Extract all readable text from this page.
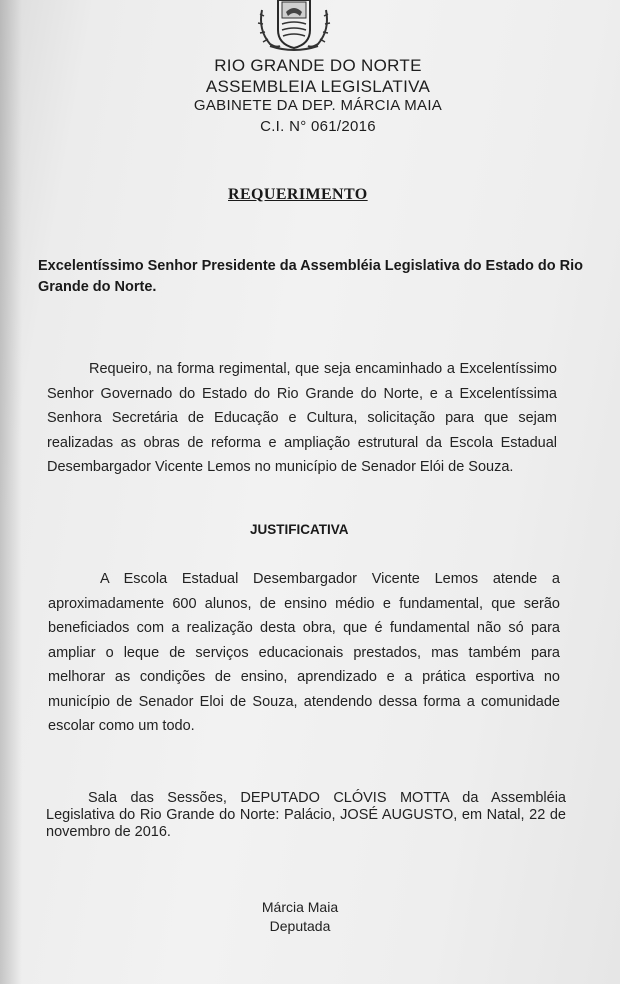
RIO GRANDE DO NORTE
ASSEMBLEIA LEGISLATIVA
GABINETE DA DEP. MÁRCIA MAIA
C.I. N° 061/2016
REQUERIMENTO
Excelentíssimo Senhor Presidente da Assembléia Legislativa do Estado do Rio Grande do Norte.
Requeiro, na forma regimental, que seja encaminhado a Excelentíssimo Senhor Governado do Estado do Rio Grande do Norte, e a Excelentíssima Senhora Secretária de Educação e Cultura, solicitação para que sejam realizadas as obras de reforma e ampliação estrutural da Escola Estadual Desembargador Vicente Lemos no município de Senador Elói de Souza.
JUSTIFICATIVA
A Escola Estadual Desembargador Vicente Lemos atende a aproximadamente 600 alunos, de ensino médio e fundamental, que serão beneficiados com a realização desta obra, que é fundamental não só para ampliar o leque de serviços educacionais prestados, mas também para melhorar as condições de ensino, aprendizado e a prática esportiva no município de Senador Eloi de Souza, atendendo dessa forma a comunidade escolar como um todo.
Sala das Sessões, DEPUTADO CLÓVIS MOTTA da Assembléia Legislativa do Rio Grande do Norte: Palácio, JOSÉ AUGUSTO, em Natal, 22 de novembro de 2016.
Márcia Maia
Deputada
